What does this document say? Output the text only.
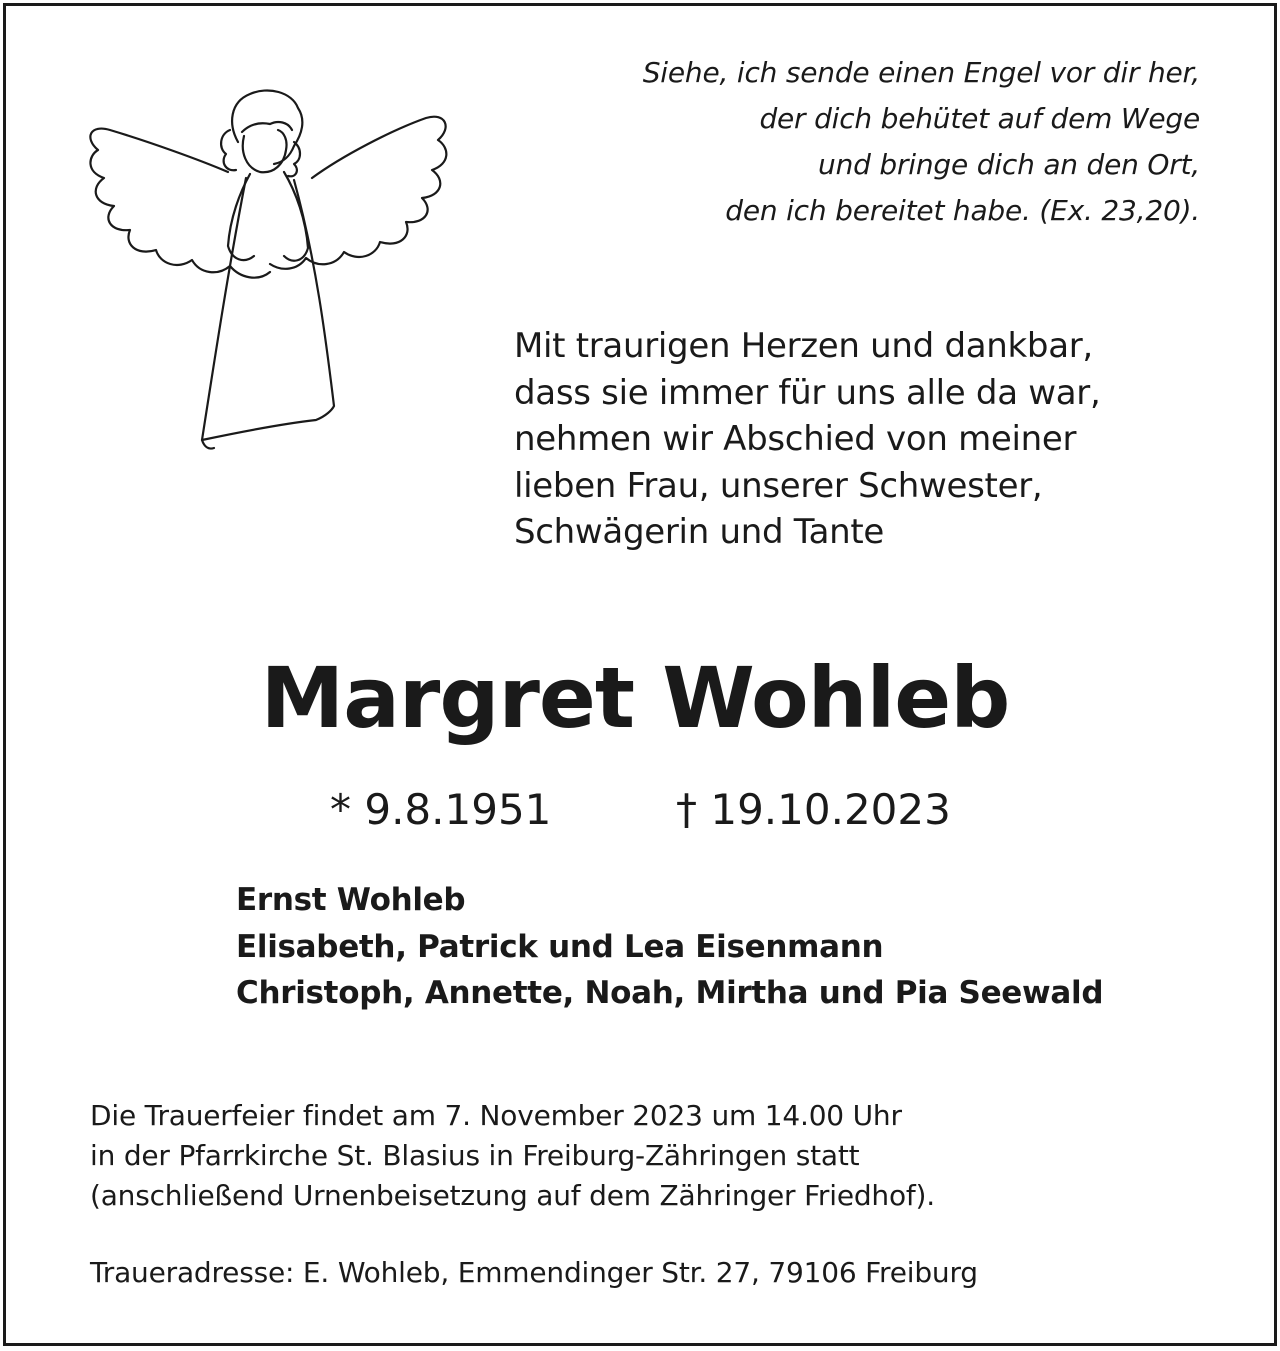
Siehe, ich sende einen Engel vor dir her,
der dich behütet auf dem Wege
und bringe dich an den Ort,
den ich bereitet habe. (Ex. 23,20).
Mit traurigen Herzen und dankbar,
dass sie immer für uns alle da war,
nehmen wir Abschied von meiner
lieben Frau, unserer Schwester,
Schwägerin und Tante
Margret Wohleb
* 9.8.1951	† 19.10.2023
Ernst Wohleb
Elisabeth, Patrick und Lea Eisenmann
Christoph, Annette, Noah, Mirtha und Pia Seewald
Die Trauerfeier findet am 7. November 2023 um 14.00 Uhr
in der Pfarrkirche St. Blasius in Freiburg-Zähringen statt
(anschließend Urnenbeisetzung auf dem Zähringer Friedhof).
Traueradresse: E. Wohleb, Emmendinger Str. 27, 79106 Freiburg
